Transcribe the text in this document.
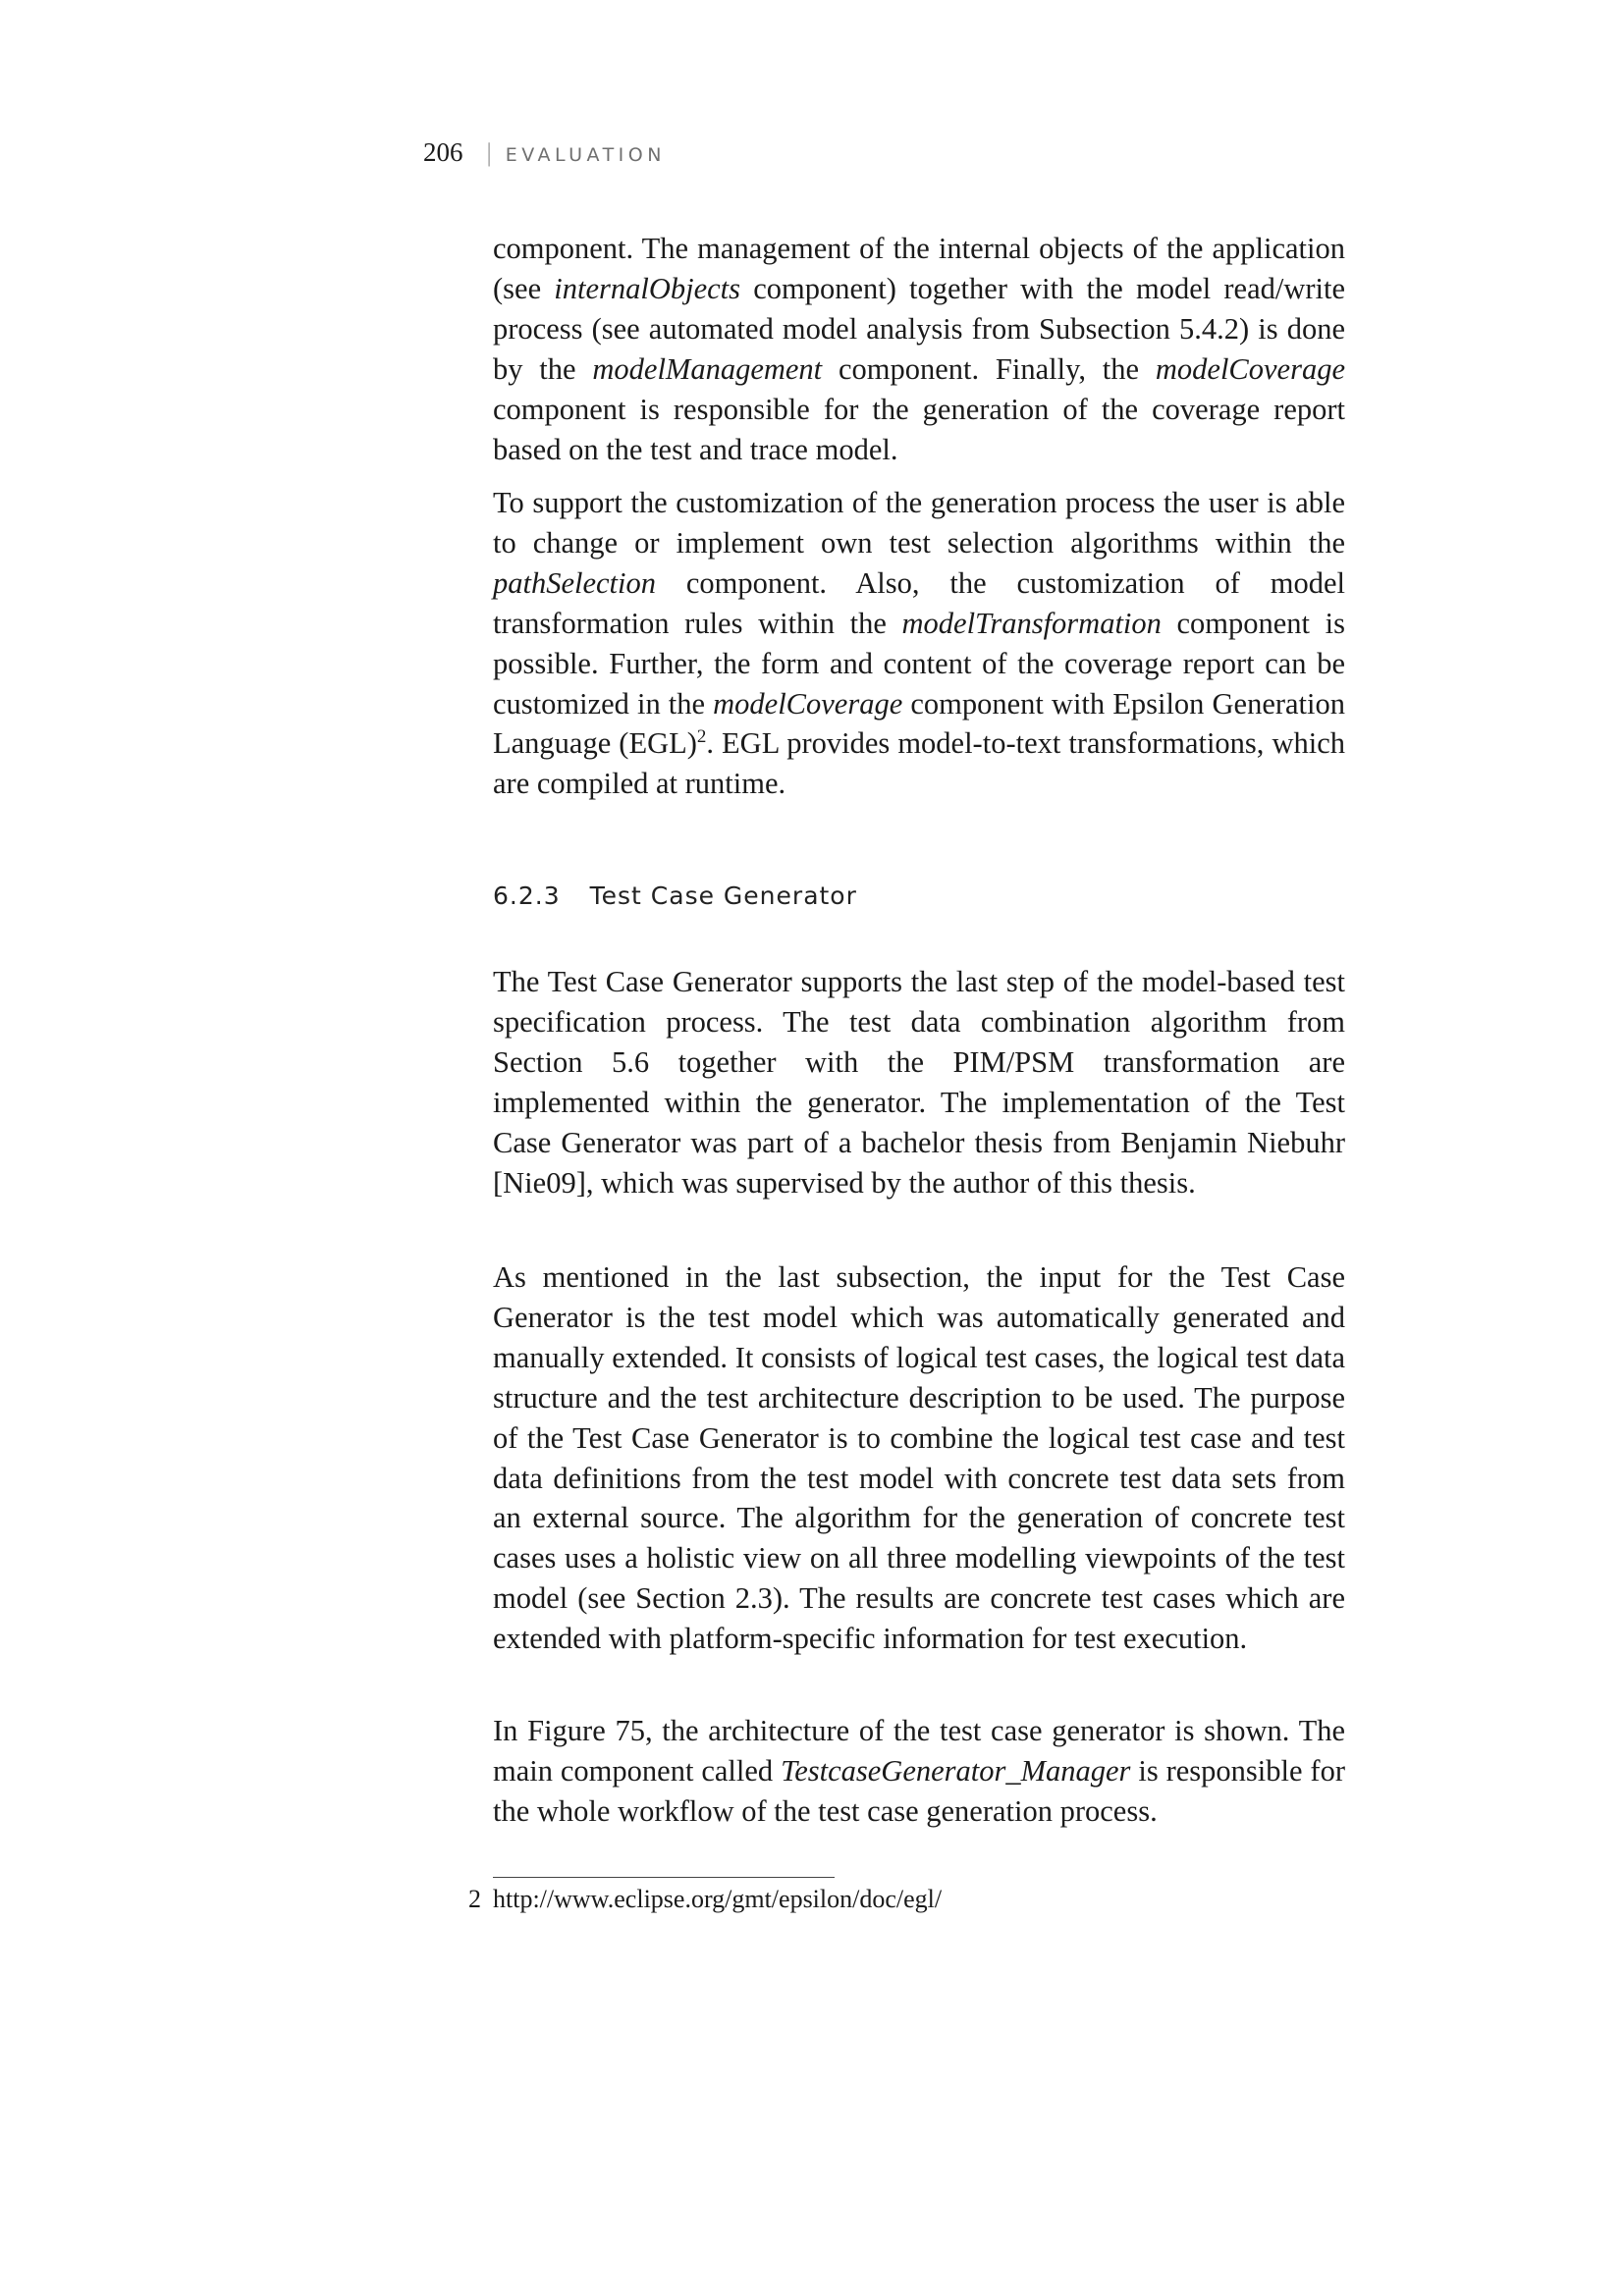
206 | EVALUATION

component. The management of the internal objects of the application (see internalObjects component) together with the model read/write process (see automated model analysis from Subsection 5.4.2) is done by the modelManagement component. Finally, the modelCoverage component is responsible for the generation of the coverage report based on the test and trace model.

To support the customization of the generation process the user is able to change or implement own test selection algorithms within the pathSelection component. Also, the customization of model transformation rules within the modelTransformation component is possible. Further, the form and content of the coverage report can be customized in the modelCoverage component with Epsilon Generation Language (EGL)$^2$. EGL provides model-to-text transformations, which are compiled at runtime.

6.2.3 Test Case Generator

The Test Case Generator supports the last step of the model-based test specification process. The test data combination algorithm from Section 5.6 together with the PIM/PSM transformation are implemented within the generator. The implementation of the Test Case Generator was part of a bachelor thesis from Benjamin Niebuhr [Nie09], which was supervised by the author of this thesis.

As mentioned in the last subsection, the input for the Test Case Generator is the test model which was automatically generated and manually extended. It consists of logical test cases, the logical test data structure and the test architecture description to be used. The purpose of the Test Case Generator is to combine the logical test case and test data definitions from the test model with concrete test data sets from an external source. The algorithm for the generation of concrete test cases uses a holistic view on all three modelling viewpoints of the test model (see Section 2.3). The results are concrete test cases which are extended with platform-specific information for test execution.

In Figure 75, the architecture of the test case generator is shown. The main component called TestcaseGenerator_Manager is responsible for the whole workflow of the test case generation process.

2 http://www.eclipse.org/gmt/epsilon/doc/egl/
